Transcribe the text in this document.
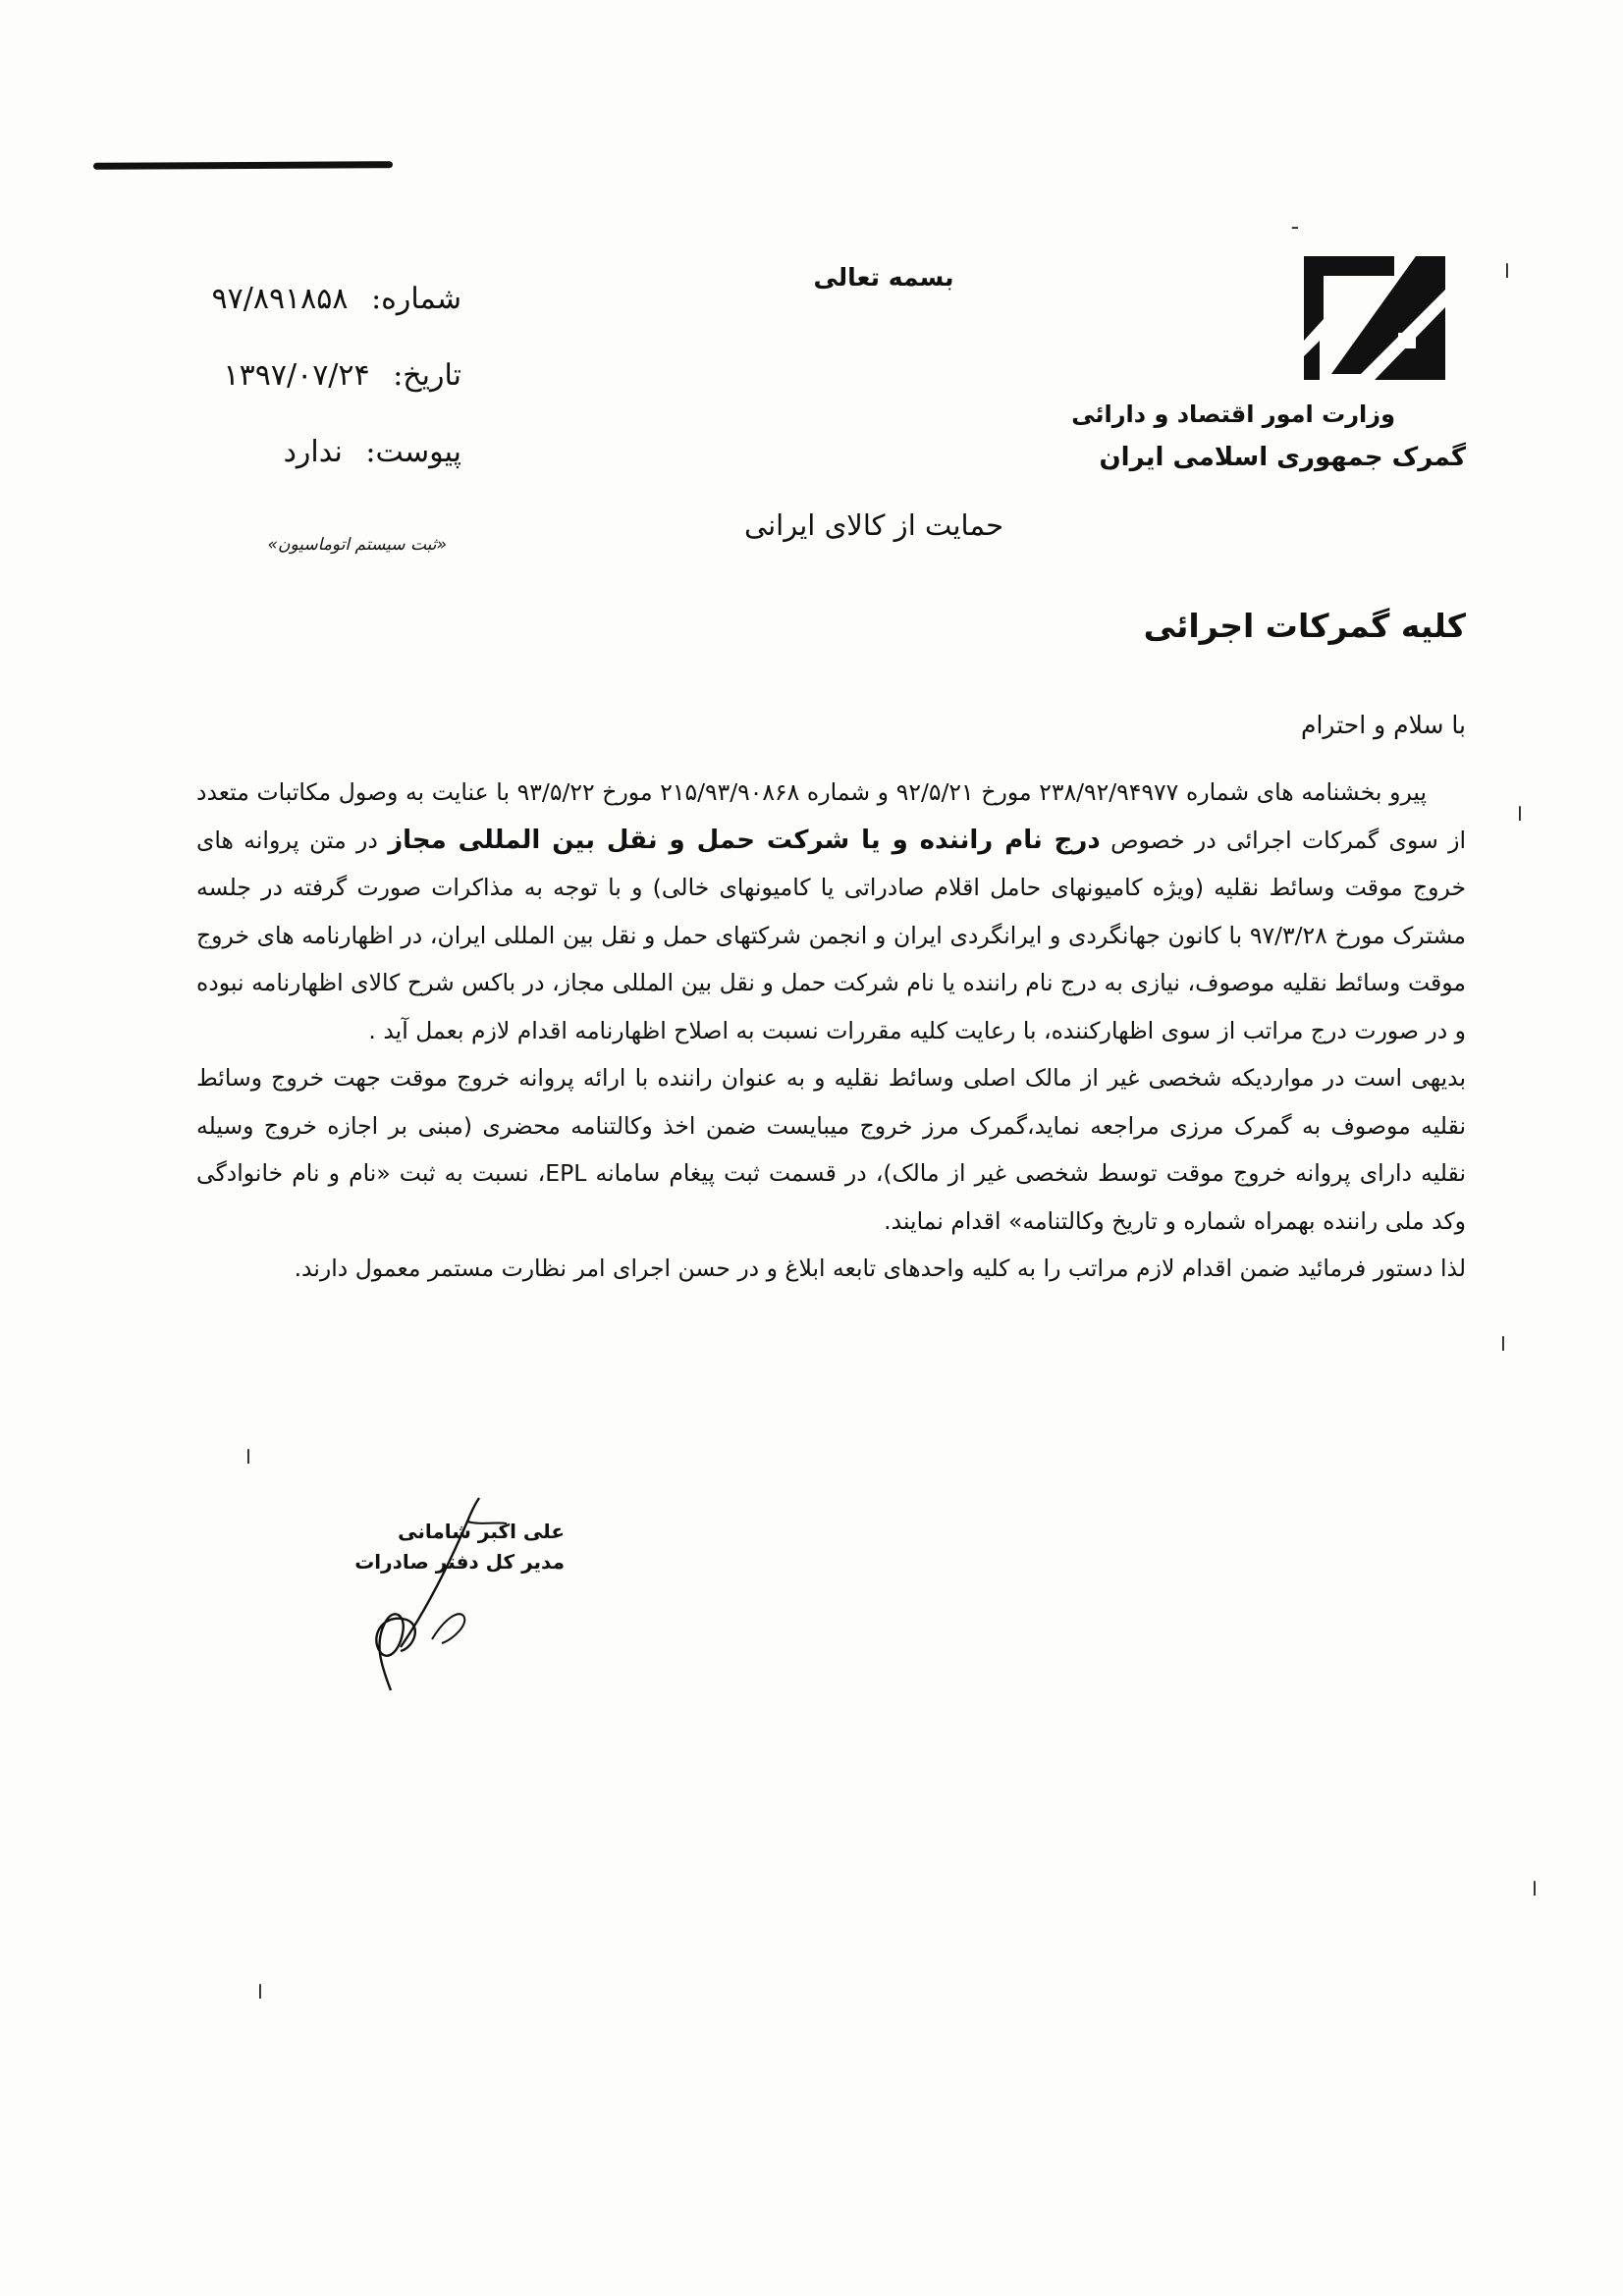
وزارت امور اقتصاد و دارائی
گمرک جمهوری اسلامی ایران
بسمه تعالی
شماره: ۹۷/۸۹۱۸۵۸
تاریخ: ۱۳۹۷/۰۷/۲۴
پیوست: ندارد
«ثبت سیستم اتوماسیون»
حمایت از کالای ایرانی
کلیه گمرکات اجرائی
با سلام و احترام

پیرو بخشنامه های شماره ۲۳۸/۹۲/۹۴۹۷۷ مورخ ۹۲/۵/۲۱ و شماره ۲۱۵/۹۳/۹۰۸۶۸ مورخ ۹۳/۵/۲۲ با عنایت به وصول مکاتبات متعدد از سوی گمرکات اجرائی در خصوص درج نام راننده و یا شرکت حمل و نقل بین المللی مجاز در متن پروانه های خروج موقت وسائط نقلیه (ویژه کامیونهای حامل اقلام صادراتی یا کامیونهای خالی) و با توجه به مذاکرات صورت گرفته در جلسه مشترک مورخ ۹۷/۳/۲۸ با کانون جهانگردی و ایرانگردی ایران و انجمن شرکتهای حمل و نقل بین المللی ایران، در اظهارنامه های خروج موقت وسائط نقلیه موصوف، نیازی به درج نام راننده یا نام شرکت حمل و نقل بین المللی مجاز، در باکس شرح کالای اظهارنامه نبوده و در صورت درج مراتب از سوی اظهارکننده، با رعایت کلیه مقررات نسبت به اصلاح اظهارنامه اقدام لازم بعمل آید .

بدیهی است در مواردیکه شخصی غیر از مالک اصلی وسائط نقلیه و به عنوان راننده با ارائه پروانه خروج موقت جهت خروج وسائط نقلیه موصوف به گمرک مرزی مراجعه نماید،گمرک مرز خروج میبایست ضمن اخذ وکالتنامه محضری (مبنی بر اجازه خروج وسیله نقلیه دارای پروانه خروج موقت توسط شخصی غیر از مالک)، در قسمت ثبت پیغام سامانه EPL، نسبت به ثبت «نام و نام خانوادگی وکد ملی راننده بهمراه شماره و تاریخ وکالتنامه» اقدام نمایند.

لذا دستور فرمائید ضمن اقدام لازم مراتب را به کلیه واحدهای تابعه ابلاغ و در حسن اجرای امر نظارت مستمر معمول دارند.

علی اکبر شامانی
مدیر کل دفتر صادرات
ـ
׀
׀
׀
׀
׀
׀
